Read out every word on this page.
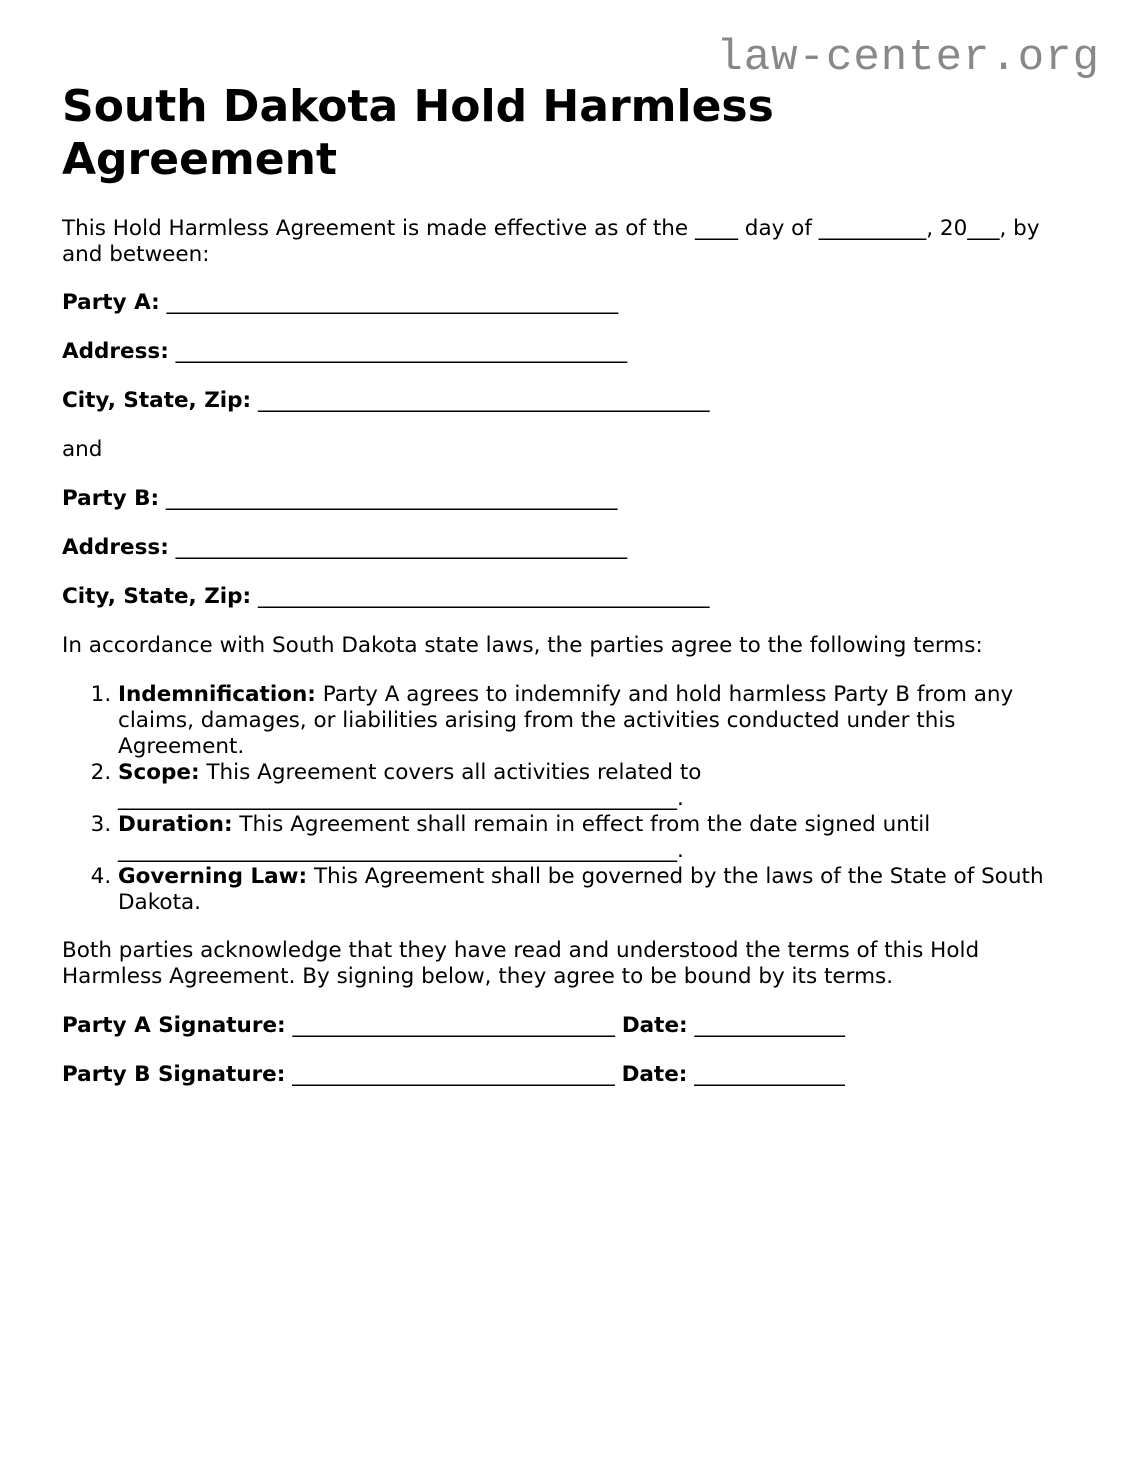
law-center.org
South Dakota Hold Harmless Agreement

This Hold Harmless Agreement is made effective as of the ____ day of __________, 20___, by and between:

Party A: __________________________________________

Address: __________________________________________

City, State, Zip: __________________________________________

and

Party B: __________________________________________

Address: __________________________________________

City, State, Zip: __________________________________________

In accordance with South Dakota state laws, the parties agree to the following terms:

1. Indemnification: Party A agrees to indemnify and hold harmless Party B from any claims, damages, or liabilities arising from the activities conducted under this Agreement.
2. Scope: This Agreement covers all activities related to ____________________________________________________.
3. Duration: This Agreement shall remain in effect from the date signed until ____________________________________________________.
4. Governing Law: This Agreement shall be governed by the laws of the State of South Dakota.

Both parties acknowledge that they have read and understood the terms of this Hold Harmless Agreement. By signing below, they agree to be bound by its terms.

Party A Signature: ______________________________ Date: ______________

Party B Signature: ______________________________ Date: ______________
